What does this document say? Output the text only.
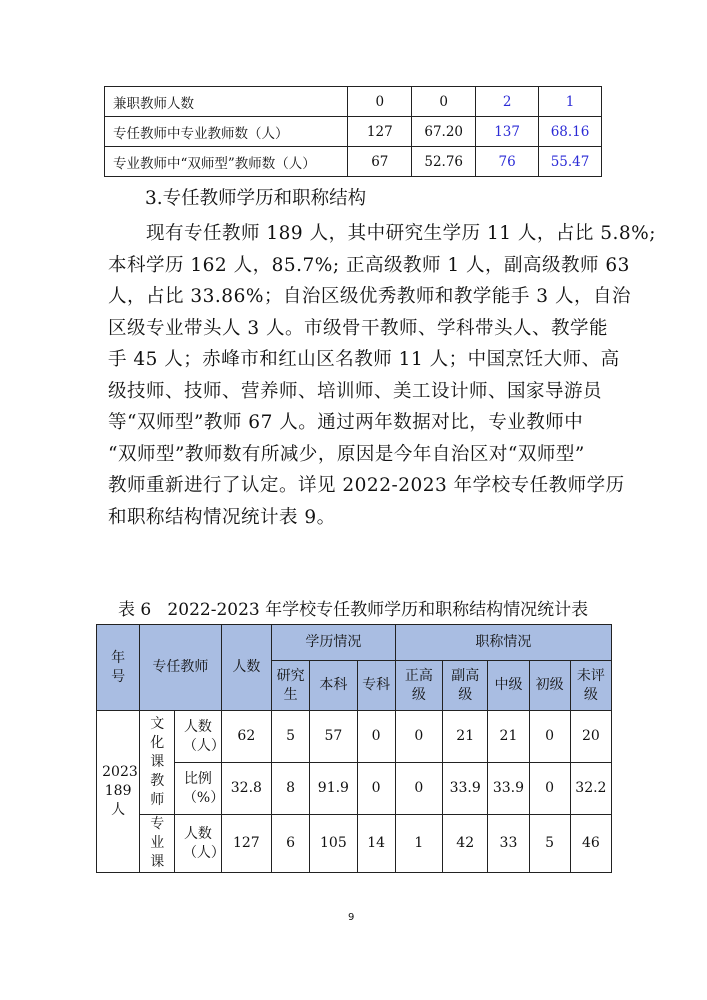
兼职教师人数	0	0	2	1
专任教师中专业教师数（人）	127	67.20	137	68.16
专业教师中“双师型”教师数（人）	67	52.76	76	55.47
3.专任教师学历和职称结构
现有专任教师 189 人，其中研究生学历 11 人，占比 5.8%;
本科学历 162 人，85.7%; 正高级教师 1 人，副高级教师 63
人，占比 33.86%；自治区级优秀教师和教学能手 3 人，自治
区级专业带头人 3 人。市级骨干教师、学科带头人、教学能
手 45 人；赤峰市和红山区名教师 11 人；中国烹饪大师、高
级技师、技师、营养师、培训师、美工设计师、国家导游员
等“双师型”教师 67 人。通过两年数据对比，专业教师中
“双师型”教师数有所减少，原因是今年自治区对“双师型”
教师重新进行了认定。详见 2022-2023 年学校专任教师学历
和职称结构情况统计表 9。
表 6   2022-2023 年学校专任教师学历和职称结构情况统计表
年号	专任教师		人数	学历情况			职称情况				

				研究生	本科	专科	正高级	副高级	中级	初级	未评级

2023 189 人	文化课教师	人数（人）	62	5	57	0	0	21	21	0	20

		比例（%）	32.8	8	91.9	0	0	33.9	33.9	0	32.2

	专业课	人数（人）	127	6	105	14	1	42	33	5	46
9
